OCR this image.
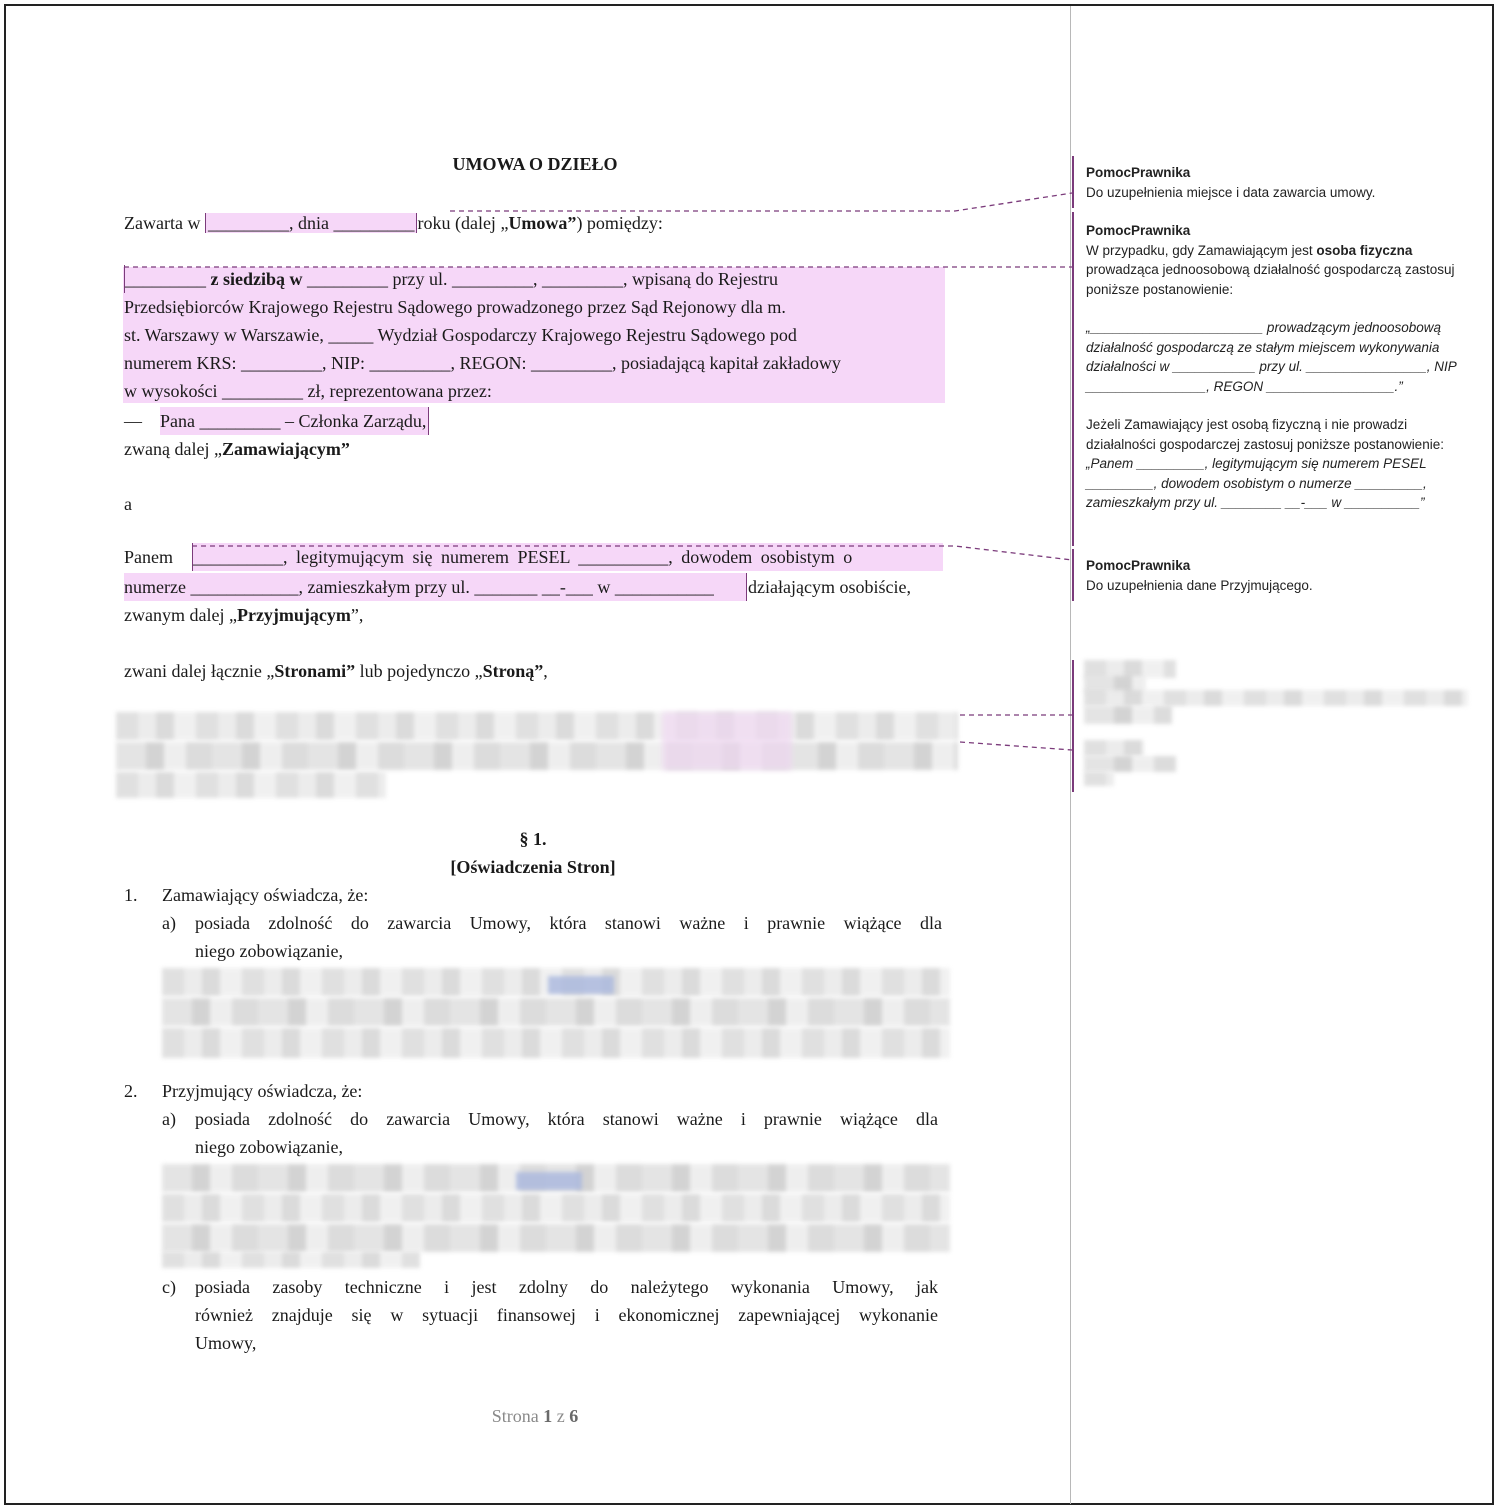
UMOWA O DZIEŁO
Zawarta w _________, dnia _________ roku (dalej „Umowa”) pomiędzy:
_________ z siedzibą w _________ przy ul. _________, _________, wpisaną do Rejestru
Przedsiębiorców Krajowego Rejestru Sądowego prowadzonego przez Sąd Rejonowy dla m.
st. Warszawy w Warszawie, _____ Wydział Gospodarczy Krajowego Rejestru Sądowego pod
numerem KRS: _________, NIP: _________, REGON: _________, posiadającą kapitał zakładowy
w wysokości _________ zł, reprezentowana przez:
— Pana _________ – Członka Zarządu,
zwaną dalej „Zamawiającym”
a
Panem __________, legitymującym się numerem PESEL __________, dowodem osobistym o
numerze ____________, zamieszkałym przy ul. _______ __-___ w ___________	działającym osobiście,
zwanym dalej „Przyjmującym”,
zwani dalej łącznie „Stronami” lub pojedynczo „Stroną”,
§ 1.
[Oświadczenia Stron]
1. Zamawiający oświadcza, że:
a) posiada zdolność do zawarcia Umowy, która stanowi ważne i prawnie wiążące dla
niego zobowiązanie,
2. Przyjmujący oświadcza, że:
a) posiada zdolność do zawarcia Umowy, która stanowi ważne i prawnie wiążące dla
niego zobowiązanie,
c) posiada zasoby techniczne i jest zdolny do należytego wykonania Umowy, jak
również znajduje się w sytuacji finansowej i ekonomicznej zapewniającej wykonanie
Umowy,
Strona 1 z 6
PomocPrawnika
Do uzupełnienia miejsce i data zawarcia umowy.
PomocPrawnika
W przypadku, gdy Zamawiającym jest osoba fizyczna
prowadząca jednoosobową działalność gospodarczą zastosuj
poniższe postanowienie:
„_______________________ prowadzącym jednoosobową
działalność gospodarczą ze stałym miejscem wykonywania
działalności w ___________ przy ul. ________________, NIP
________________, REGON _________________.”
Jeżeli Zamawiający jest osobą fizyczną i nie prowadzi
działalności gospodarczej zastosuj poniższe postanowienie:
„Panem _________, legitymującym się numerem PESEL
_________, dowodem osobistym o numerze _________,
zamieszkałym przy ul. ________ __-___ w __________”
PomocPrawnika
Do uzupełnienia dane Przyjmującego.
